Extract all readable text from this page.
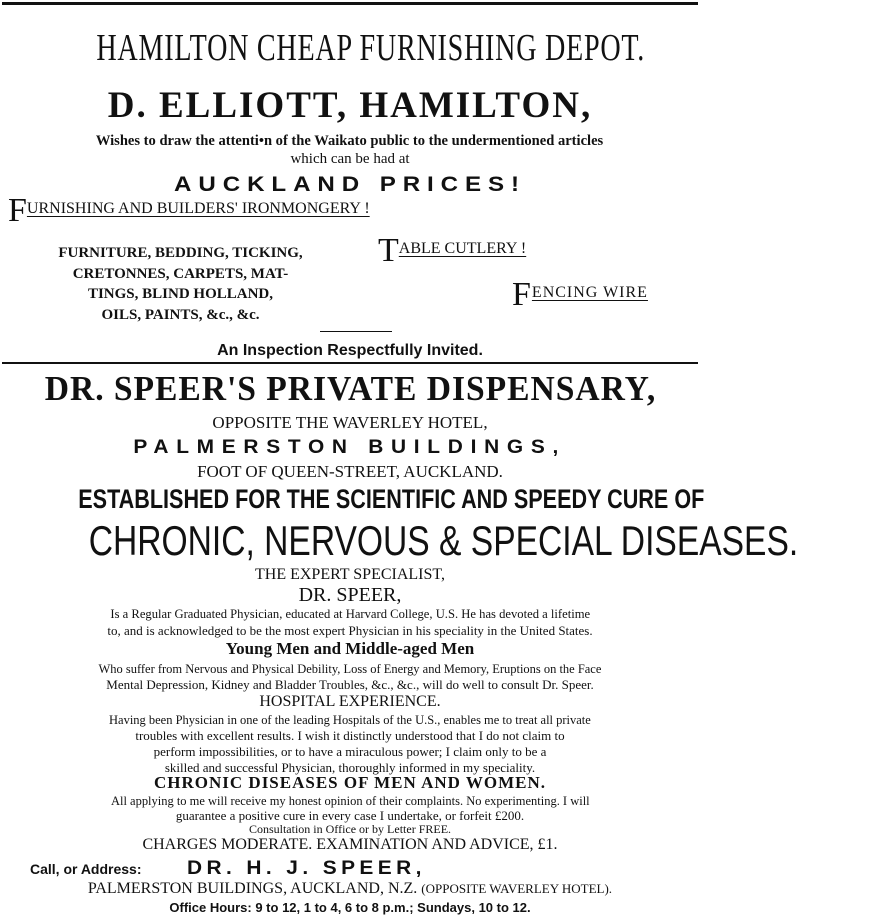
HAMILTON CHEAP FURNISHING DEPOT.
D. ELLIOTT, HAMILTON,
Wishes to draw the attenti•n of the Waikato public to the undermentioned articles
which can be had at
AUCKLAND PRICES!
FURNISHING AND BUILDERS' IRONMONGERY !
FURNITURE, BEDDING, TICKING,
CRETONNES, CARPETS, MAT-
TINGS, BLIND HOLLAND,
OILS, PAINTS, &c., &c.
TABLE CUTLERY !
FENCING WIRE
An Inspection Respectfully Invited.
DR. SPEER'S PRIVATE DISPENSARY,
OPPOSITE THE WAVERLEY HOTEL,
PALMERSTON BUILDINGS,
FOOT OF QUEEN-STREET, AUCKLAND.
ESTABLISHED FOR THE SCIENTIFIC AND SPEEDY CURE OF
CHRONIC, NERVOUS & SPECIAL DISEASES.
THE EXPERT SPECIALIST,
DR. SPEER,
Is a Regular Graduated Physician, educated at Harvard College, U.S. He has devoted a lifetime
to, and is acknowledged to be the most expert Physician in his speciality in the United States.
Young Men and Middle-aged Men
Who suffer from Nervous and Physical Debility, Loss of Energy and Memory, Eruptions on the Face
Mental Depression, Kidney and Bladder Troubles, &c., &c., will do well to consult Dr. Speer.
HOSPITAL EXPERIENCE.
Having been Physician in one of the leading Hospitals of the U.S., enables me to treat all private
troubles with excellent results. I wish it distinctly understood that I do not claim to
perform impossibilities, or to have a miraculous power; I claim only to be a
skilled and successful Physician, thoroughly informed in my speciality.
CHRONIC DISEASES OF MEN AND WOMEN.
All applying to me will receive my honest opinion of their complaints. No experimenting. I will
guarantee a positive cure in every case I undertake, or forfeit £200.
Consultation in Office or by Letter FREE.
CHARGES MODERATE. EXAMINATION AND ADVICE, £1.
Call, or Address: DR. H. J. SPEER,
PALMERSTON BUILDINGS, AUCKLAND, N.Z. (OPPOSITE WAVERLEY HOTEL).
Office Hours: 9 to 12, 1 to 4, 6 to 8 p.m.; Sundays, 10 to 12.
